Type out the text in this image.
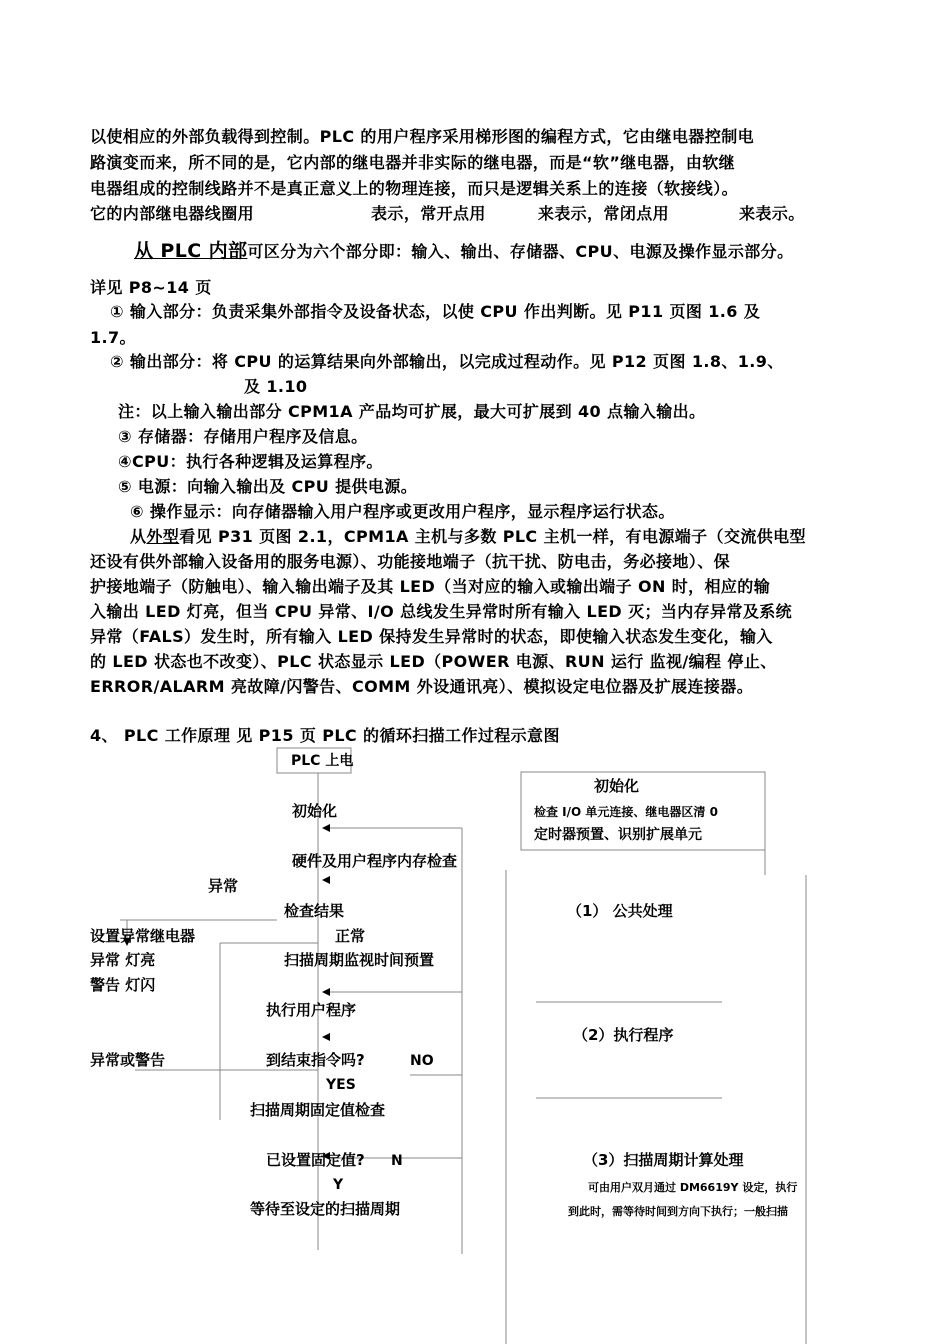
以使相应的外部负载得到控制。PLC 的用户程序采用梯形图的编程方式，它由继电器控制电
路演变而来，所不同的是，它内部的继电器并非实际的继电器，而是“软”继电器，由软继
电器组成的控制线路并不是真正意义上的物理连接，而只是逻辑关系上的连接（软接线）。
它的内部继电器线圈用	表示，常开点用	来表示，常闭点用	来表示。
从 PLC 内部可区分为六个部分即：输入、输出、存储器、CPU、电源及操作显示部分。
详见 P8~14 页
① 输入部分：负责采集外部指令及设备状态，以使 CPU 作出判断。见 P11 页图 1.6 及
1.7。
② 输出部分：将 CPU 的运算结果向外部输出，以完成过程动作。见 P12 页图 1.8、1.9、
及 1.10
注：以上输入输出部分 CPM1A 产品均可扩展，最大可扩展到 40 点输入输出。
③ 存储器：存储用户程序及信息。
④CPU：执行各种逻辑及运算程序。
⑤ 电源：向输入输出及 CPU 提供电源。
⑥ 操作显示：向存储器输入用户程序或更改用户程序，显示程序运行状态。
从外型看见 P31 页图 2.1，CPM1A 主机与多数 PLC 主机一样，有电源端子（交流供电型
还设有供外部输入设备用的服务电源）、功能接地端子（抗干扰、防电击，务必接地）、保
护接地端子（防触电）、输入输出端子及其 LED（当对应的输入或输出端子 ON 时，相应的输
入输出 LED 灯亮，但当 CPU 异常、I/O 总线发生异常时所有输入 LED 灭；当内存异常及系统
异常（FALS）发生时，所有输入 LED 保持发生异常时的状态，即使输入状态发生变化，输入
的 LED 状态也不改变）、PLC 状态显示 LED（POWER 电源、RUN 运行 监视/编程 停止、
ERROR/ALARM 亮故障/闪警告、COMM 外设通讯亮）、模拟设定电位器及扩展连接器。
4、 PLC 工作原理 见 P15 页 PLC 的循环扫描工作过程示意图
PLC 上电
初始化
硬件及用户程序内存检查
异常
检查结果
设置异常继电器	正常
异常 灯亮	扫描周期监视时间预置
警告 灯闪
执行用户程序
异常或警告	到结束指令吗?	NO
YES
扫描周期固定值检查
已设置固定值? N
Y
等待至设定的扫描周期
初始化
检查 I/O 单元连接、继电器区清 0
定时器预置、识别扩展单元
（1） 公共处理
（2）执行程序
（3）扫描周期计算处理
可由用户双月通过 DM6619Y 设定，执行
到此时，需等待时间到方向下执行；一般扫描
